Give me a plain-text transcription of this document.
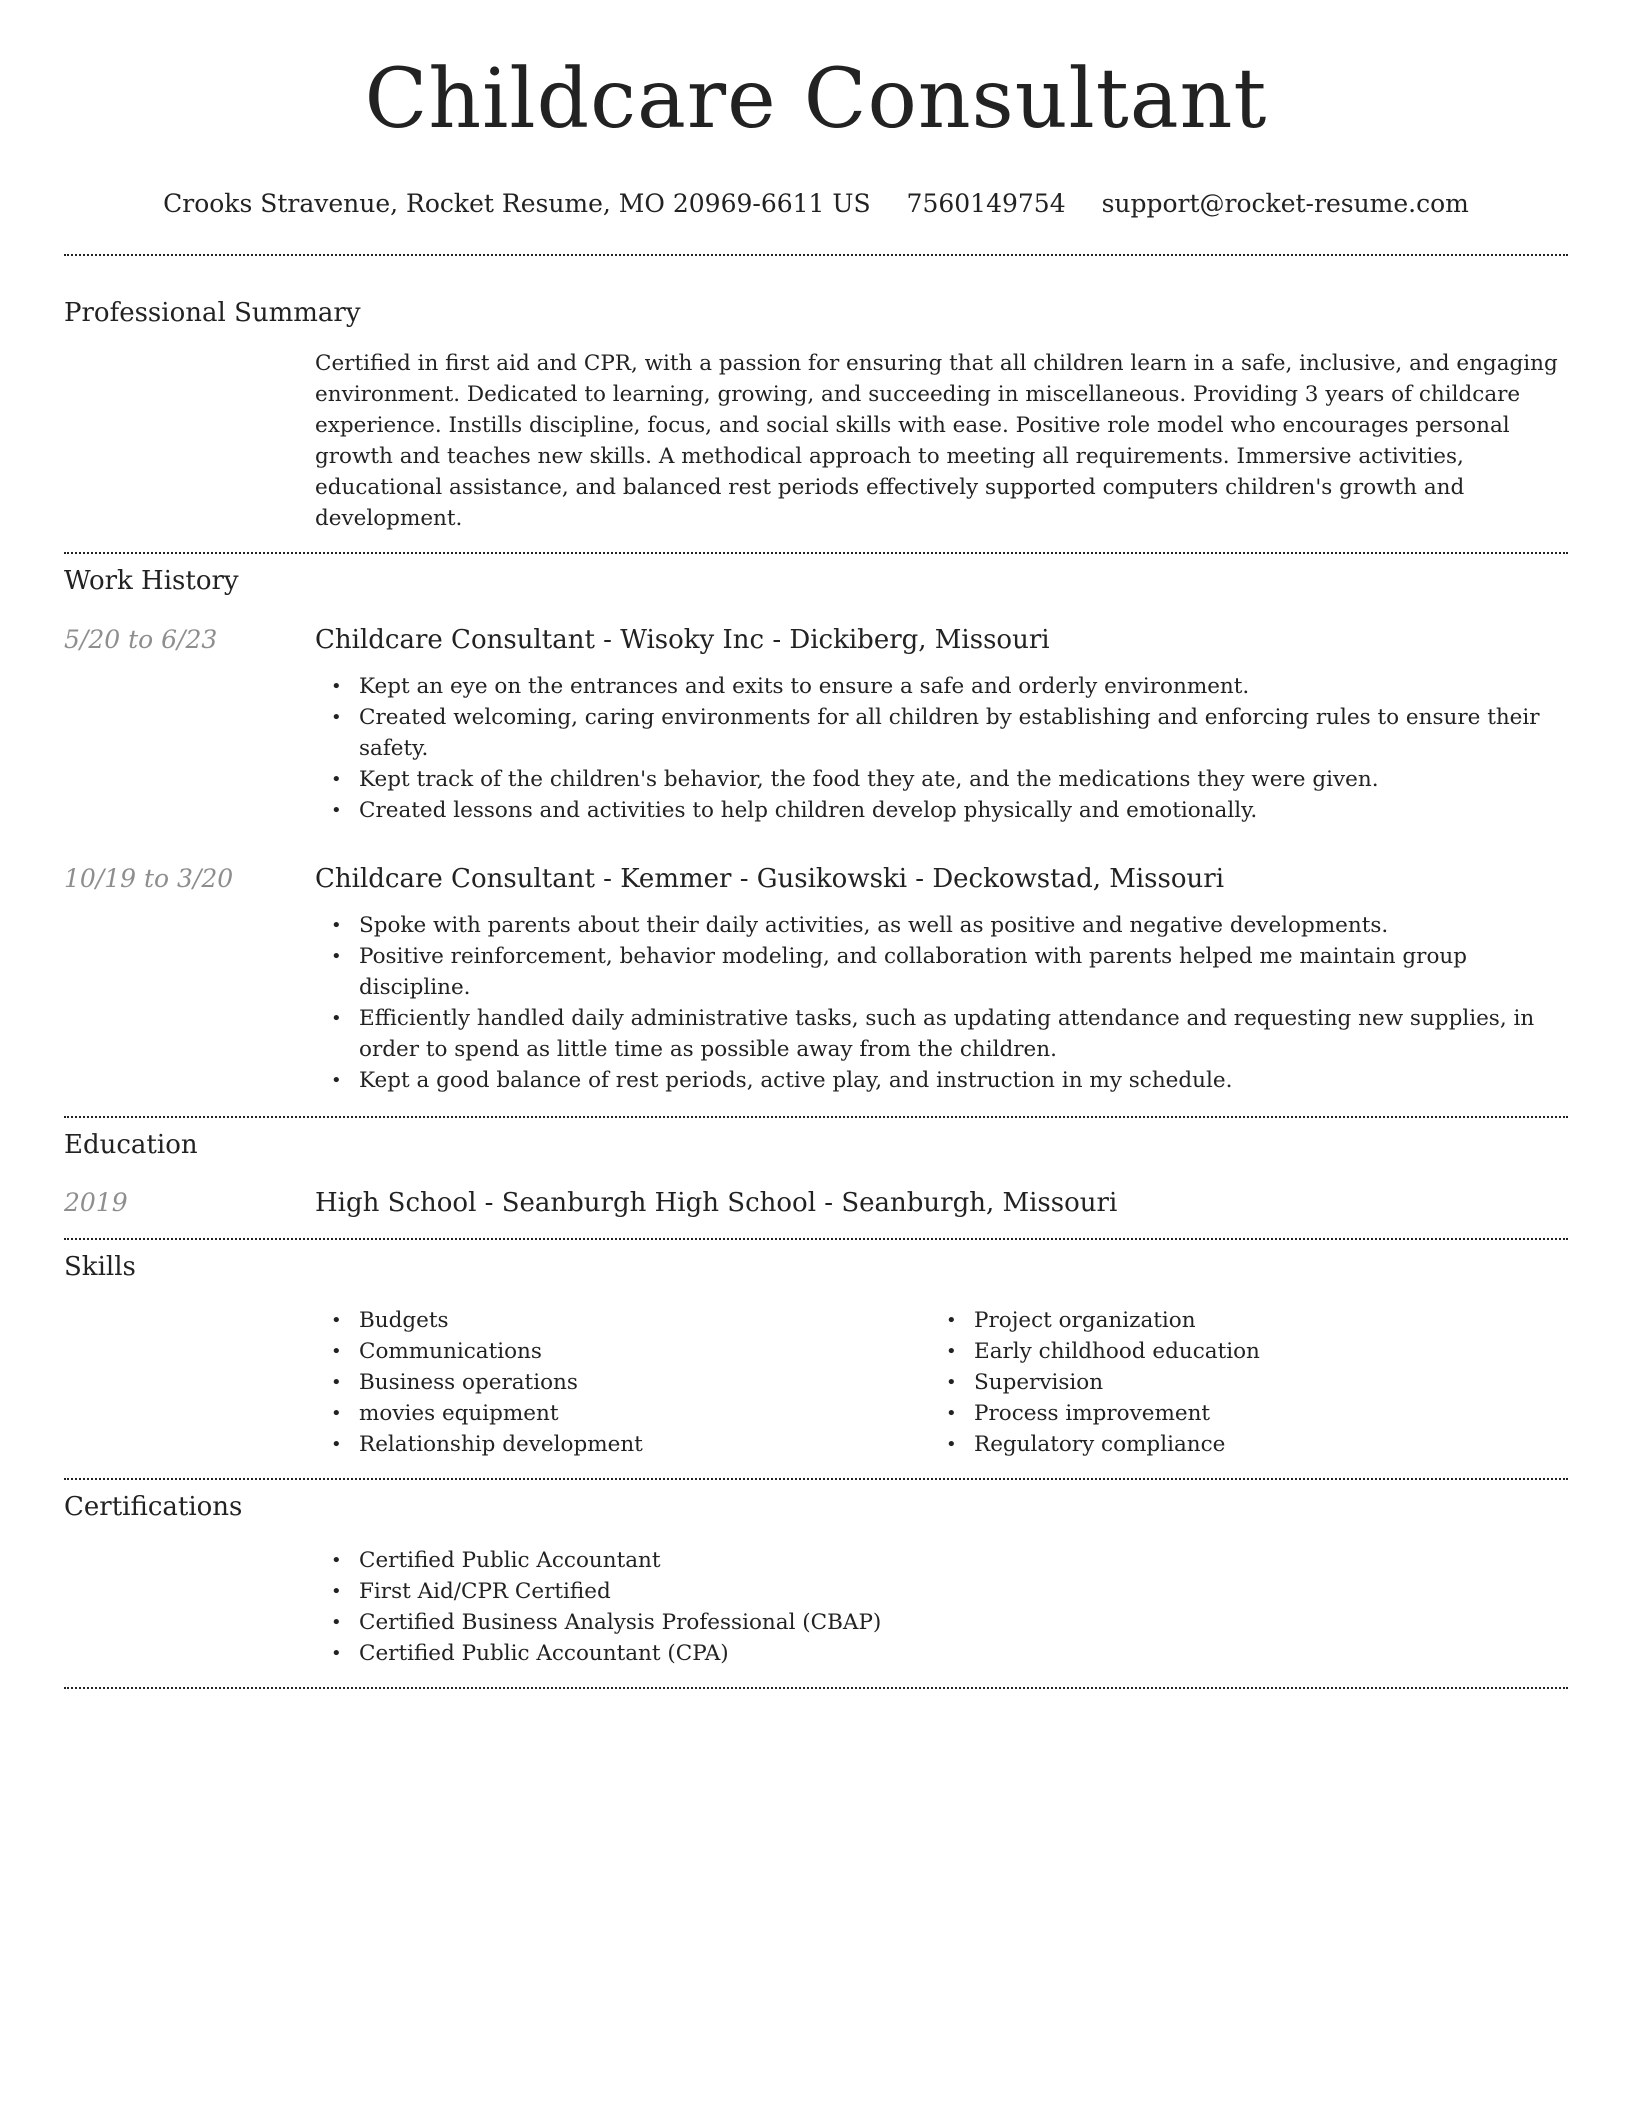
Childcare Consultant
Crooks Stravenue, Rocket Resume, MO 20969-6611 US 7560149754 support@rocket-resume.com
Professional Summary
Certified in first aid and CPR, with a passion for ensuring that all children learn in a safe, inclusive, and engaging environment. Dedicated to learning, growing, and succeeding in miscellaneous. Providing 3 years of childcare experience. Instills discipline, focus, and social skills with ease. Positive role model who encourages personal growth and teaches new skills. A methodical approach to meeting all requirements. Immersive activities, educational assistance, and balanced rest periods effectively supported computers children's growth and development.
Work History
5/20 to 6/23	Childcare Consultant - Wisoky Inc - Dickiberg, Missouri
• Kept an eye on the entrances and exits to ensure a safe and orderly environment.
• Created welcoming, caring environments for all children by establishing and enforcing rules to ensure their safety.
• Kept track of the children's behavior, the food they ate, and the medications they were given.
• Created lessons and activities to help children develop physically and emotionally.
10/19 to 3/20	Childcare Consultant - Kemmer - Gusikowski - Deckowstad, Missouri
• Spoke with parents about their daily activities, as well as positive and negative developments.
• Positive reinforcement, behavior modeling, and collaboration with parents helped me maintain group discipline.
• Efficiently handled daily administrative tasks, such as updating attendance and requesting new supplies, in order to spend as little time as possible away from the children.
• Kept a good balance of rest periods, active play, and instruction in my schedule.
Education
2019	High School - Seanburgh High School - Seanburgh, Missouri
Skills
• Budgets
• Communications
• Business operations
• movies equipment
• Relationship development
• Project organization
• Early childhood education
• Supervision
• Process improvement
• Regulatory compliance
Certifications
• Certified Public Accountant
• First Aid/CPR Certified
• Certified Business Analysis Professional (CBAP)
• Certified Public Accountant (CPA)
